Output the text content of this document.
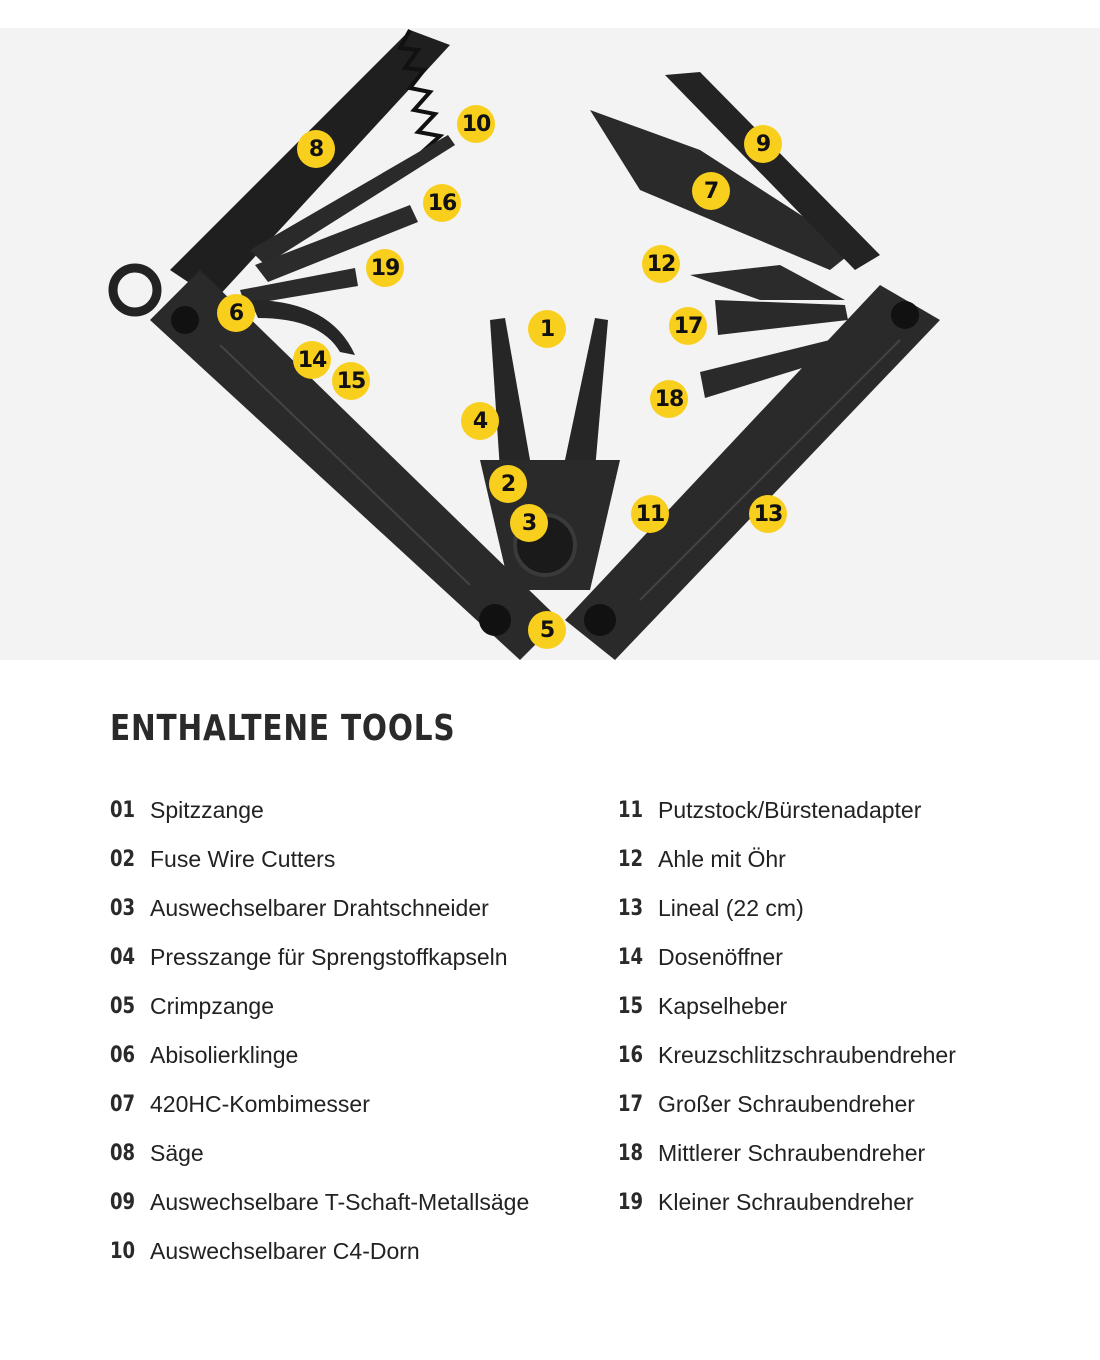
1
2
3
4
5
6
7
8	9
10
11
12
13
14
15
16
17
18
19
ENTHALTENE TOOLS
01 Spitzzange
02 Fuse Wire Cutters
03 Auswechselbarer Drahtschneider
04 Presszange für Sprengstoffkapseln
05 Crimpzange
06 Abisolierklinge
07 420HC-Kombimesser
08 Säge
09 Auswechselbare T-Schaft-Metallsäge
10 Auswechselbarer C4-Dorn
11 Putzstock/Bürstenadapter
12 Ahle mit Öhr
13 Lineal (22 cm)
14 Dosenöffner
15 Kapselheber
16 Kreuzschlitzschraubendreher
17 Großer Schraubendreher
18 Mittlerer Schraubendreher
19 Kleiner Schraubendreher
